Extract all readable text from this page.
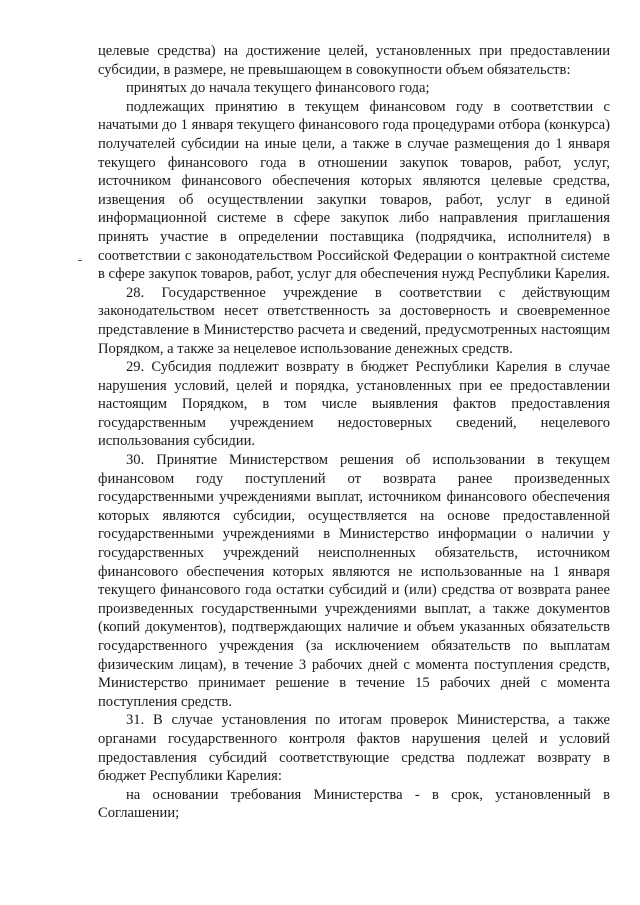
целевые средства) на достижение целей, установленных при предоставлении субсидии, в размере, не превышающем в совокупности объем обязательств:

принятых до начала текущего финансового года;

подлежащих принятию в текущем финансовом году в соответствии с начатыми до 1 января текущего финансового года процедурами отбора (конкурса) получателей субсидии на иные цели, а также в случае размещения до 1 января текущего финансового года в отношении закупок товаров, работ, услуг, источником финансового обеспечения которых являются целевые средства, извещения об осуществлении закупки товаров, работ, услуг в единой информационной системе в сфере закупок либо направления приглашения принять участие в определении поставщика (подрядчика, исполнителя) в соответствии с законодательством Российской Федерации о контрактной системе в сфере закупок товаров, работ, услуг для обеспечения нужд Республики Карелия.

28. Государственное учреждение в соответствии с действующим законодательством несет ответственность за достоверность и своевременное представление в Министерство расчета и сведений, предусмотренных настоящим Порядком, а также за нецелевое использование денежных средств.

29. Субсидия подлежит возврату в бюджет Республики Карелия в случае нарушения условий, целей и порядка, установленных при ее предоставлении настоящим Порядком, в том числе выявления фактов предоставления государственным учреждением недостоверных сведений, нецелевого использования субсидии.

30. Принятие Министерством решения об использовании в текущем финансовом году поступлений от возврата ранее произведенных государственными учреждениями выплат, источником финансового обеспечения которых являются субсидии, осуществляется на основе предоставленной государственными учреждениями в Министерство информации о наличии у государственных учреждений неисполненных обязательств, источником финансового обеспечения которых являются не использованные на 1 января текущего финансового года остатки субсидий и (или) средства от возврата ранее произведенных государственными учреждениями выплат, а также документов (копий документов), подтверждающих наличие и объем указанных обязательств государственного учреждения (за исключением обязательств по выплатам физическим лицам), в течение 3 рабочих дней с момента поступления средств, Министерство принимает решение в течение 15 рабочих дней с момента поступления средств.

31. В случае установления по итогам проверок Министерства, а также органами государственного контроля фактов нарушения целей и условий предоставления субсидий соответствующие средства подлежат возврату в бюджет Республики Карелия:

на основании требования Министерства - в срок, установленный в Соглашении;
